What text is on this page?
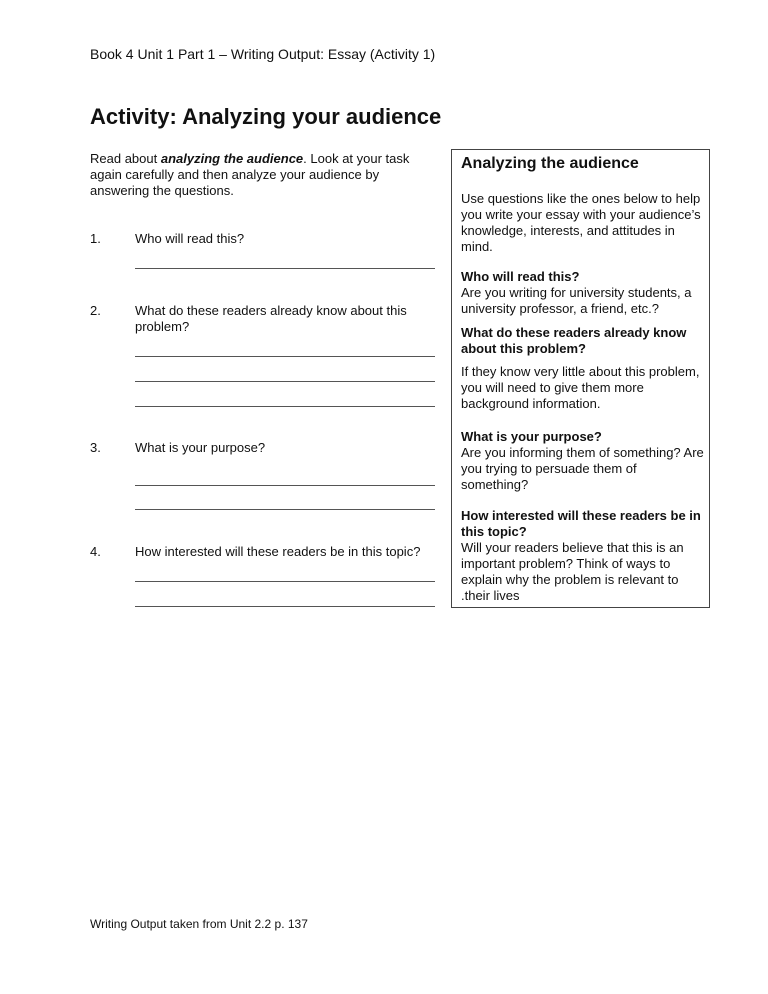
Book 4 Unit 1 Part 1 – Writing Output: Essay (Activity 1)
Activity: Analyzing your audience
Read about analyzing the audience. Look at your task again carefully and then analyze your audience by answering the questions.
1.	Who will read this?
2.	What do these readers already know about this problem?
3.	What is your purpose?
4.	How interested will these readers be in this topic?
Analyzing the audience

Use questions like the ones below to help you write your essay with your audience’s knowledge, interests, and attitudes in mind.

Who will read this?

Are you writing for university students, a university professor, a friend, etc.?

What do these readers already know about this problem?

If they know very little about this problem, you will need to give them more background information.

What is your purpose?

Are you informing them of something? Are you trying to persuade them of something?

How interested will these readers be in this topic?

Will your readers believe that this is an important problem? Think of ways to explain why the problem is relevant to .their lives

Writing Output taken from Unit 2.2 p. 137
